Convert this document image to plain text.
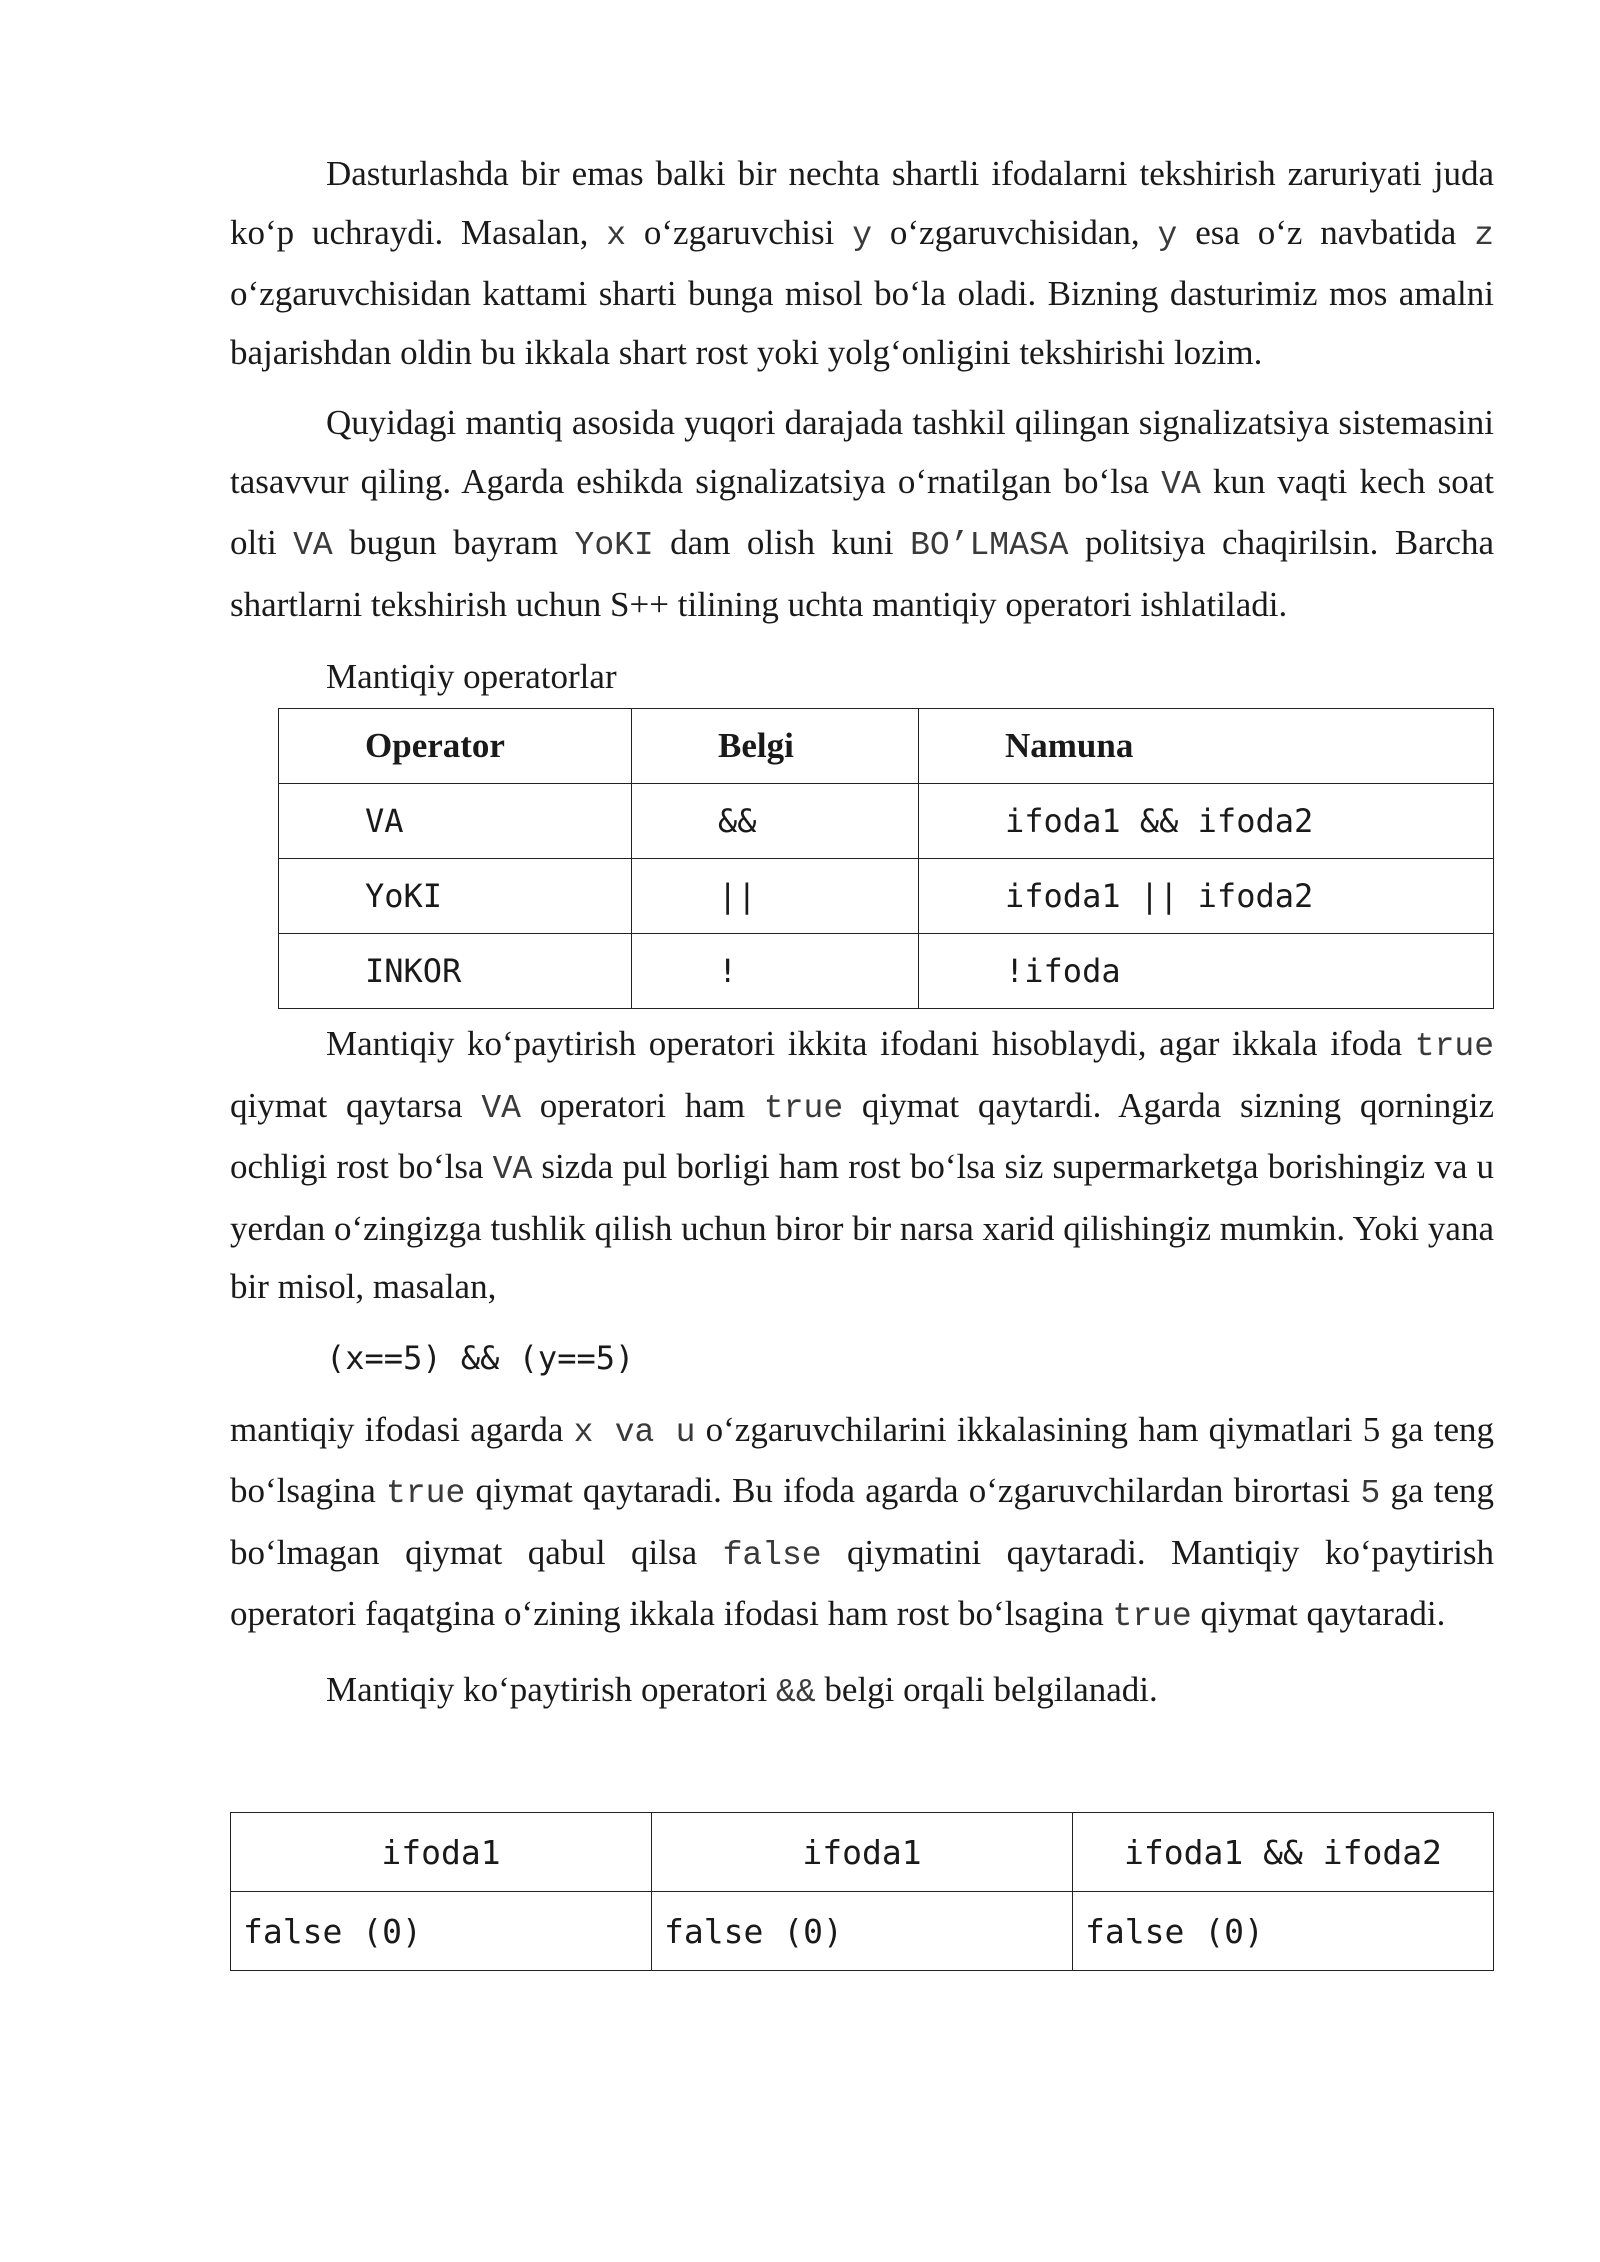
Dasturlashda bir emas balki bir nechta shartli ifodalarni tekshirish zaruriyati juda ko‘p uchraydi. Masalan, x o‘zgaruvchisi y o‘zgaruvchisidan, y esa o‘z navbatida z o‘zgaruvchisidan kattami sharti bunga misol bo‘la oladi. Bizning dasturimiz mos amalni bajarishdan oldin bu ikkala shart rost yoki yolg‘onligini tekshirishi lozim.

Quyidagi mantiq asosida yuqori darajada tashkil qilingan signalizatsiya sistemasini tasavvur qiling. Agarda eshikda signalizatsiya o‘rnatilgan bo‘lsa VA kun vaqti kech soat olti VA bugun bayram YoKI dam olish kuni BO’LMASA politsiya chaqirilsin. Barcha shartlarni tekshirish uchun S++ tilining uchta mantiqiy operatori ishlatiladi.

Mantiqiy operatorlar
Operator	Belgi	Namuna
VA	&&	ifoda1 && ifoda2
YoKI	||	ifoda1 || ifoda2
INKOR	!	!ifoda

Mantiqiy ko‘paytirish operatori ikkita ifodani hisoblaydi, agar ikkala ifoda true qiymat qaytarsa VA operatori ham true qiymat qaytardi. Agarda sizning qorningiz ochligi rost bo‘lsa VA sizda pul borligi ham rost bo‘lsa siz supermarketga borishingiz va u yerdan o‘zingizga tushlik qilish uchun biror bir narsa xarid qilishingiz mumkin. Yoki yana bir misol, masalan,

(x==5) && (y==5)

mantiqiy ifodasi agarda x va u o‘zgaruvchilarini ikkalasining ham qiymatlari 5 ga teng bo‘lsagina true qiymat qaytaradi. Bu ifoda agarda o‘zgaruvchilardan birortasi 5 ga teng bo‘lmagan qiymat qabul qilsa false qiymatini qaytaradi. Mantiqiy ko‘paytirish operatori faqatgina o‘zining ikkala ifodasi ham rost bo‘lsagina true qiymat qaytaradi.

Mantiqiy ko‘paytirish operatori && belgi orqali belgilanadi.

ifoda1	ifoda1	ifoda1 && ifoda2
false (0)	false (0)	false (0)
